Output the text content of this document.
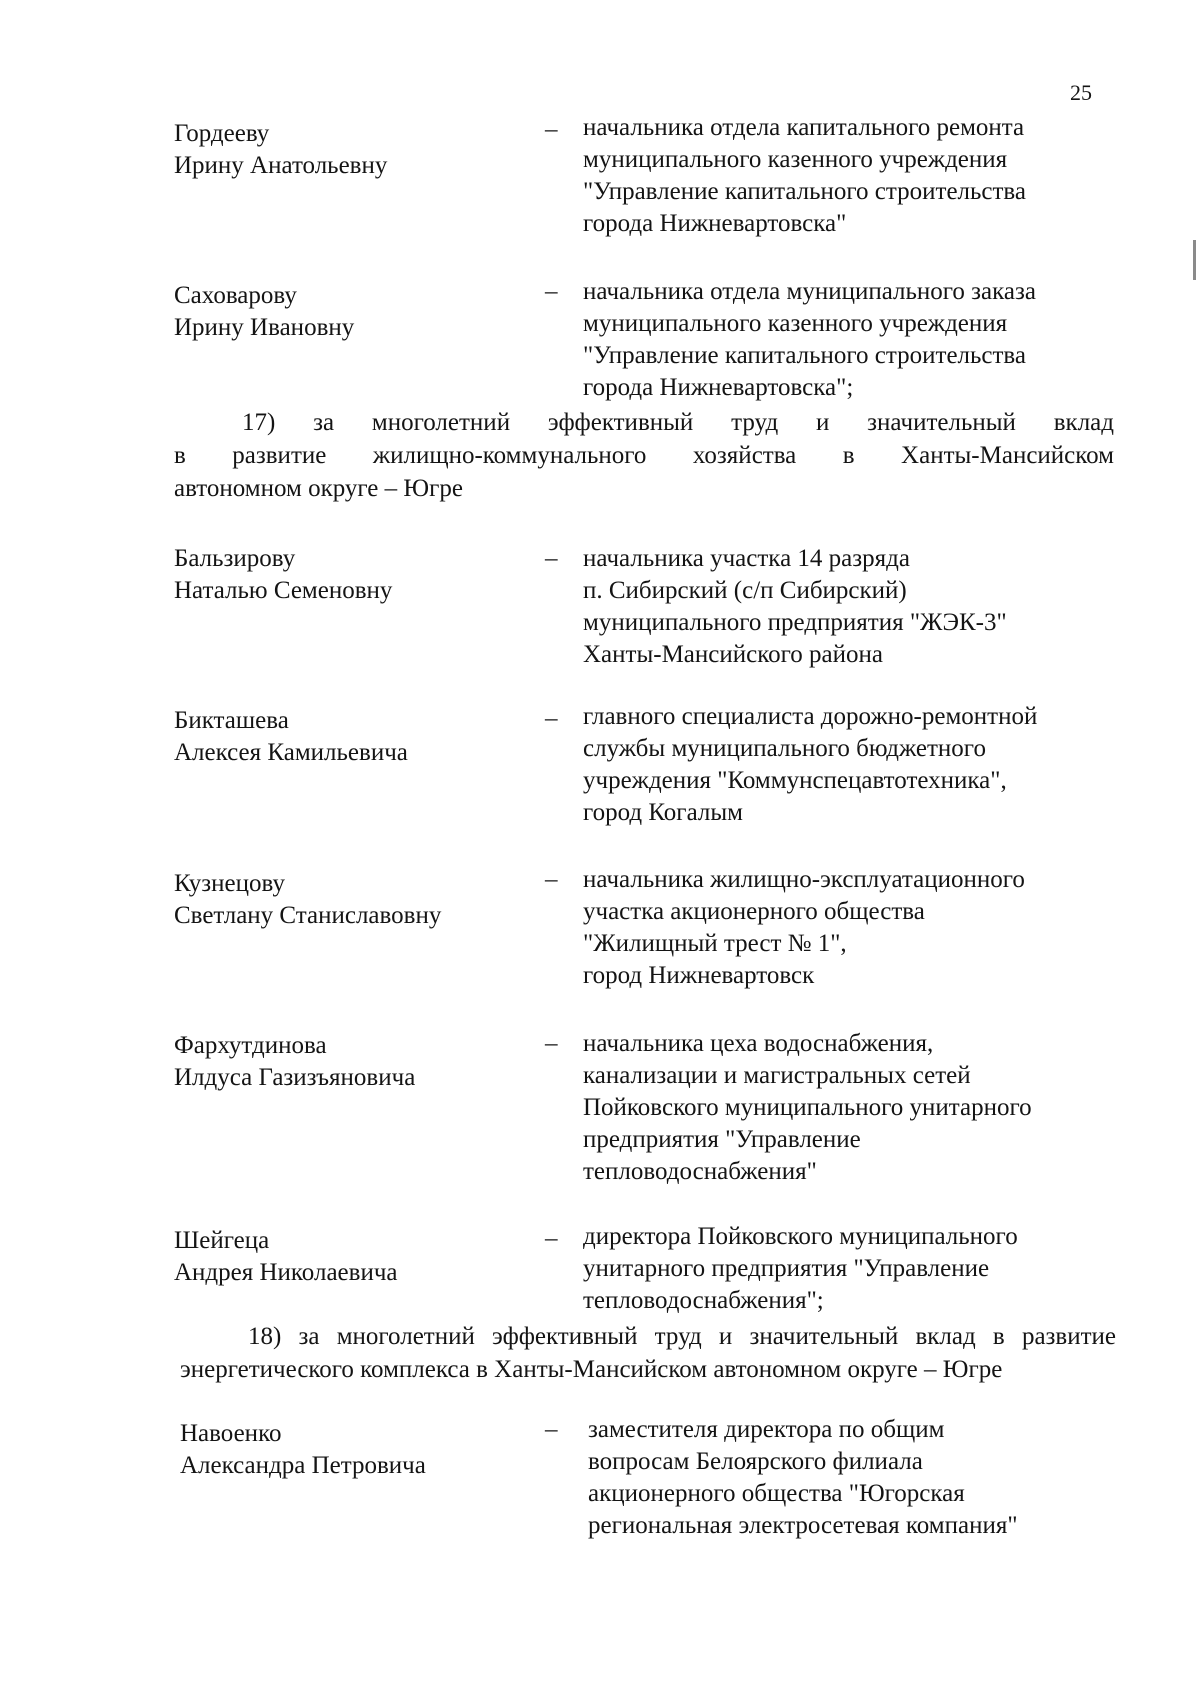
25
Гордееву
Ирину Анатольевну
– начальника отдела капитального ремонта
муниципального казенного учреждения
"Управление капитального строительства
города Нижневартовска"
Саховарову
Ирину Ивановну
– начальника отдела муниципального заказа
муниципального казенного учреждения
"Управление капитального строительства
города Нижневартовска";
17) за многолетний эффективный труд и значительный вклад
в развитие жилищно-коммунального хозяйства в Ханты-Мансийском
автономном округе – Югре
Бальзирову
Наталью Семеновну
– начальника участка 14 разряда
п. Сибирский (с/п Сибирский)
муниципального предприятия "ЖЭК-3"
Ханты-Мансийского района
Бикташева
Алексея Камильевича
– главного специалиста дорожно-ремонтной
службы муниципального бюджетного
учреждения "Коммунспецавтотехника",
город Когалым
Кузнецову
Светлану Станиславовну
– начальника жилищно-эксплуатационного
участка акционерного общества
"Жилищный трест № 1",
город Нижневартовск
Фархутдинова
Илдуса Газизъяновича
– начальника цеха водоснабжения,
канализации и магистральных сетей
Пойковского муниципального унитарного
предприятия "Управление
тепловодоснабжения"
Шейгеца
Андрея Николаевича
– директора Пойковского муниципального
унитарного предприятия "Управление
тепловодоснабжения";
18) за многолетний эффективный труд и значительный вклад в развитие
энергетического комплекса в Ханты-Мансийском автономном округе – Югре
Навоенко
Александра Петровича
– заместителя директора по общим
вопросам Белоярского филиала
акционерного общества "Югорская
региональная электросетевая компания"
